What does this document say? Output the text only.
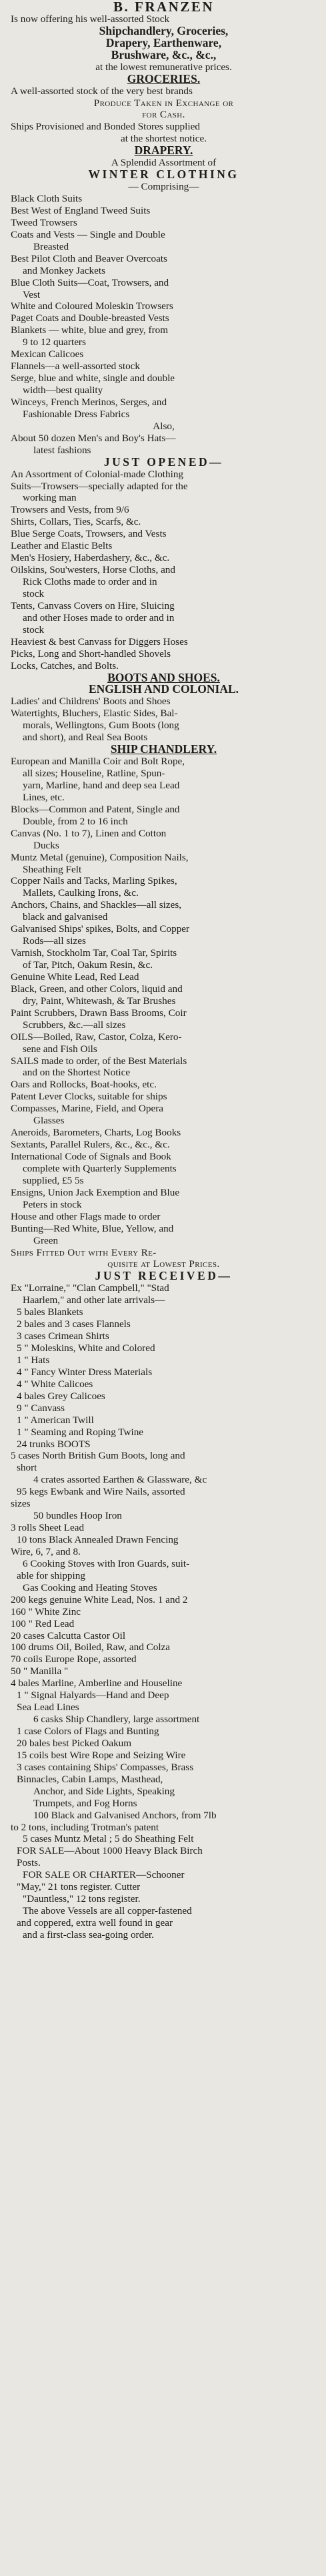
B. FRANZEN
Is now offering his well-assorted Stock
Shipchandlery, Groceries,
Drapery, Earthenware,
Brushware, &c., &c.,
at the lowest remunerative prices.
GROCERIES.
A well-assorted stock of the very best brands
Produce Taken in Exchange or
for Cash.
Ships Provisioned and Bonded Stores supplied
at the shortest notice.
DRAPERY.
A Splendid Assortment of
WINTER CLOTHING
— Comprising—
Black Cloth Suits
Best West of England Tweed Suits
Tweed Trowsers
Coats and Vests — Single and Double
Breasted
Best Pilot Cloth and Beaver Overcoats
and Monkey Jackets
Blue Cloth Suits—Coat, Trowsers, and
Vest
White and Coloured Moleskin Trowsers
Paget Coats and Double-breasted Vests
Blankets — white, blue and grey, from
9 to 12 quarters
Mexican Calicoes
Flannels—a well-assorted stock
Serge, blue and white, single and double
width—best quality
Winceys, French Merinos, Serges, and
Fashionable Dress Fabrics
Also,
About 50 dozen Men's and Boy's Hats—
latest fashions
JUST OPENED—
An Assortment of Colonial-made Clothing
Suits—Trowsers—specially adapted for the
working man
Trowsers and Vests, from 9/6
Shirts, Collars, Ties, Scarfs, &c.
Blue Serge Coats, Trowsers, and Vests
Leather and Elastic Belts
Men's Hosiery, Haberdashery, &c., &c.
Oilskins, Sou'westers, Horse Cloths, and
Rick Cloths made to order and in
stock
Tents, Canvass Covers on Hire, Sluicing
and other Hoses made to order and in
stock
Heaviest & best Canvass for Diggers Hoses
Picks, Long and Short-handled Shovels
Locks, Catches, and Bolts.
BOOTS AND SHOES.
ENGLISH AND COLONIAL.
Ladies' and Childrens' Boots and Shoes
Watertights, Bluchers, Elastic Sides, Bal-
morals, Wellingtons, Gum Boots (long
and short), and Real Sea Boots
SHIP CHANDLERY.
European and Manilla Coir and Bolt Rope,
all sizes; Houseline, Ratline, Spun-
yarn, Marline, hand and deep sea Lead
Lines, etc.
Blocks—Common and Patent, Single and
Double, from 2 to 16 inch
Canvas (No. 1 to 7), Linen and Cotton
Ducks
Muntz Metal (genuine), Composition Nails,
Sheathing Felt
Copper Nails and Tacks, Marling Spikes,
Mallets, Caulking Irons, &c.
Anchors, Chains, and Shackles—all sizes,
black and galvanised
Galvanised Ships' spikes, Bolts, and Copper
Rods—all sizes
Varnish, Stockholm Tar, Coal Tar, Spirits
of Tar, Pitch, Oakum Resin, &c.
Genuine White Lead, Red Lead
Black, Green, and other Colors, liquid and
dry, Paint, Whitewash, & Tar Brushes
Paint Scrubbers, Drawn Bass Brooms, Coir
Scrubbers, &c.—all sizes
OILS—Boiled, Raw, Castor, Colza, Kero-
sene and Fish Oils
SAILS made to order, of the Best Materials
and on the Shortest Notice
Oars and Rollocks, Boat-hooks, etc.
Patent Lever Clocks, suitable for ships
Compasses, Marine, Field, and Opera
Glasses
Aneroids, Barometers, Charts, Log Books
Sextants, Parallel Rulers, &c., &c., &c.
International Code of Signals and Book
complete with Quarterly Supplements
supplied, £5 5s
Ensigns, Union Jack Exemption and Blue
Peters in stock
House and other Flags made to order
Bunting—Red White, Blue, Yellow, and
Green
Ships Fitted Out with Every Re-
quisite at Lowest Prices.
JUST RECEIVED—
Ex "Lorraine," "Clan Campbell," "Stad
Haarlem," and other late arrivals—
5 bales Blankets
2 bales and 3 cases Flannels
3 cases Crimean Shirts
5 " Moleskins, White and Colored
1 " Hats
4 " Fancy Winter Dress Materials
4 " White Calicoes
4 bales Grey Calicoes
9 " Canvass
1 " American Twill
1 " Seaming and Roping Twine
24 trunks BOOTS
5 cases North British Gum Boots, long and
short
4 crates assorted Earthen & Glassware, &c
95 kegs Ewbank and Wire Nails, assorted
sizes
50 bundles Hoop Iron
3 rolls Sheet Lead
10 tons Black Annealed Drawn Fencing
Wire, 6, 7, and 8.
6 Cooking Stoves with Iron Guards, suit-
able for shipping
Gas Cooking and Heating Stoves
200 kegs genuine White Lead, Nos. 1 and 2
160 " White Zinc
100 " Red Lead
20 cases Calcutta Castor Oil
100 drums Oil, Boiled, Raw, and Colza
70 coils Europe Rope, assorted
50 " Manilla "
4 bales Marline, Amberline and Houseline
1 " Signal Halyards—Hand and Deep
Sea Lead Lines
6 casks Ship Chandlery, large assortment
1 case Colors of Flags and Bunting
20 bales best Picked Oakum
15 coils best Wire Rope and Seizing Wire
3 cases containing Ships' Compasses, Brass
Binnacles, Cabin Lamps, Masthead,
Anchor, and Side Lights, Speaking
Trumpets, and Fog Horns
100 Black and Galvanised Anchors, from 7lb
to 2 tons, including Trotman's patent
5 cases Muntz Metal ; 5 do Sheathing Felt
FOR SALE—About 1000 Heavy Black Birch
Posts.
FOR SALE OR CHARTER—Schooner
"May," 21 tons register. Cutter
"Dauntless," 12 tons register.
The above Vessels are all copper-fastened
and coppered, extra well found in gear
and a first-class sea-going order.
